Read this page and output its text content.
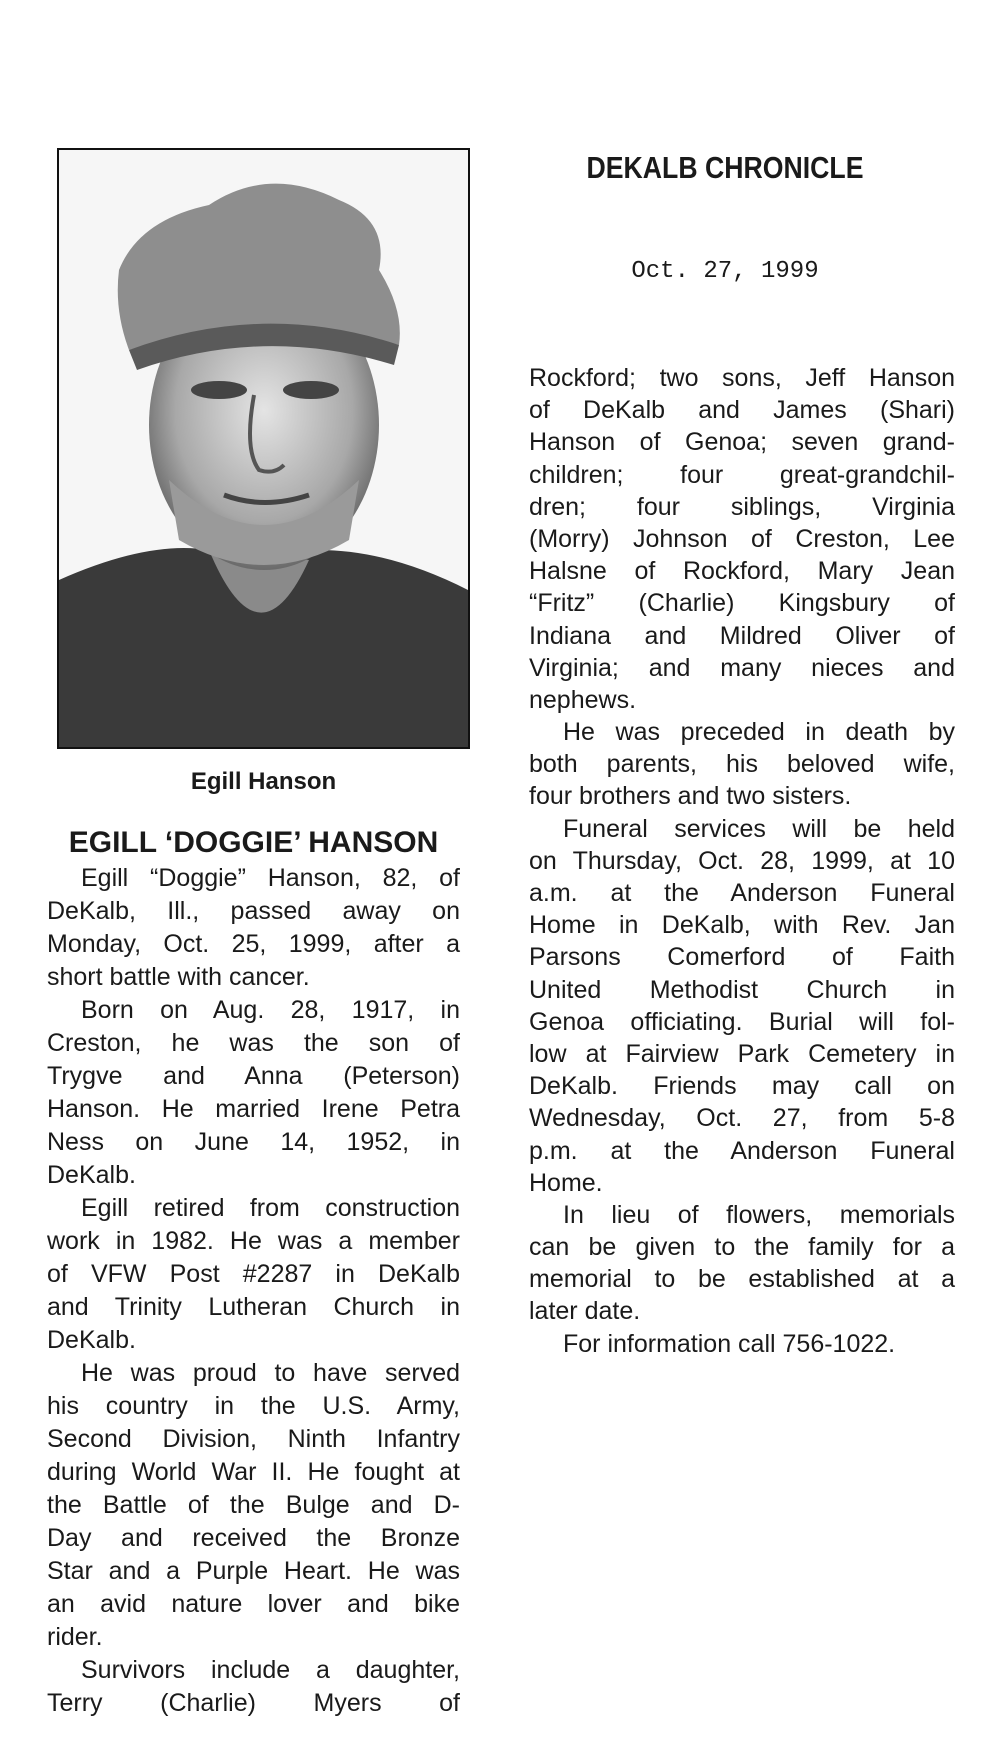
DEKALB CHRONICLE
Oct. 27, 1999
Egill Hanson
EGILL ‘DOGGIE’ HANSON
Egill “Doggie” Hanson, 82, of
DeKalb, Ill., passed away on
Monday, Oct. 25, 1999, after a
short battle with cancer.
Born on Aug. 28, 1917, in
Creston, he was the son of
Trygve and Anna (Peterson)
Hanson. He married Irene Petra
Ness on June 14, 1952, in
DeKalb.
Egill retired from construction
work in 1982. He was a member
of VFW Post #2287 in DeKalb
and Trinity Lutheran Church in
DeKalb.
He was proud to have served
his country in the U.S. Army,
Second Division, Ninth Infantry
during World War II. He fought at
the Battle of the Bulge and D-
Day and received the Bronze
Star and a Purple Heart. He was
an avid nature lover and bike
rider.
Survivors include a daughter,
Terry (Charlie) Myers of
Rockford; two sons, Jeff Hanson
of DeKalb and James (Shari)
Hanson of Genoa; seven grand-
children; four great-grandchil-
dren; four siblings, Virginia
(Morry) Johnson of Creston, Lee
Halsne of Rockford, Mary Jean
“Fritz” (Charlie) Kingsbury of
Indiana and Mildred Oliver of
Virginia; and many nieces and
nephews.
He was preceded in death by
both parents, his beloved wife,
four brothers and two sisters.
Funeral services will be held
on Thursday, Oct. 28, 1999, at 10
a.m. at the Anderson Funeral
Home in DeKalb, with Rev. Jan
Parsons Comerford of Faith
United Methodist Church in
Genoa officiating. Burial will fol-
low at Fairview Park Cemetery in
DeKalb. Friends may call on
Wednesday, Oct. 27, from 5-8
p.m. at the Anderson Funeral
Home.
In lieu of flowers, memorials
can be given to the family for a
memorial to be established at a
later date.
For information call 756-1022.
